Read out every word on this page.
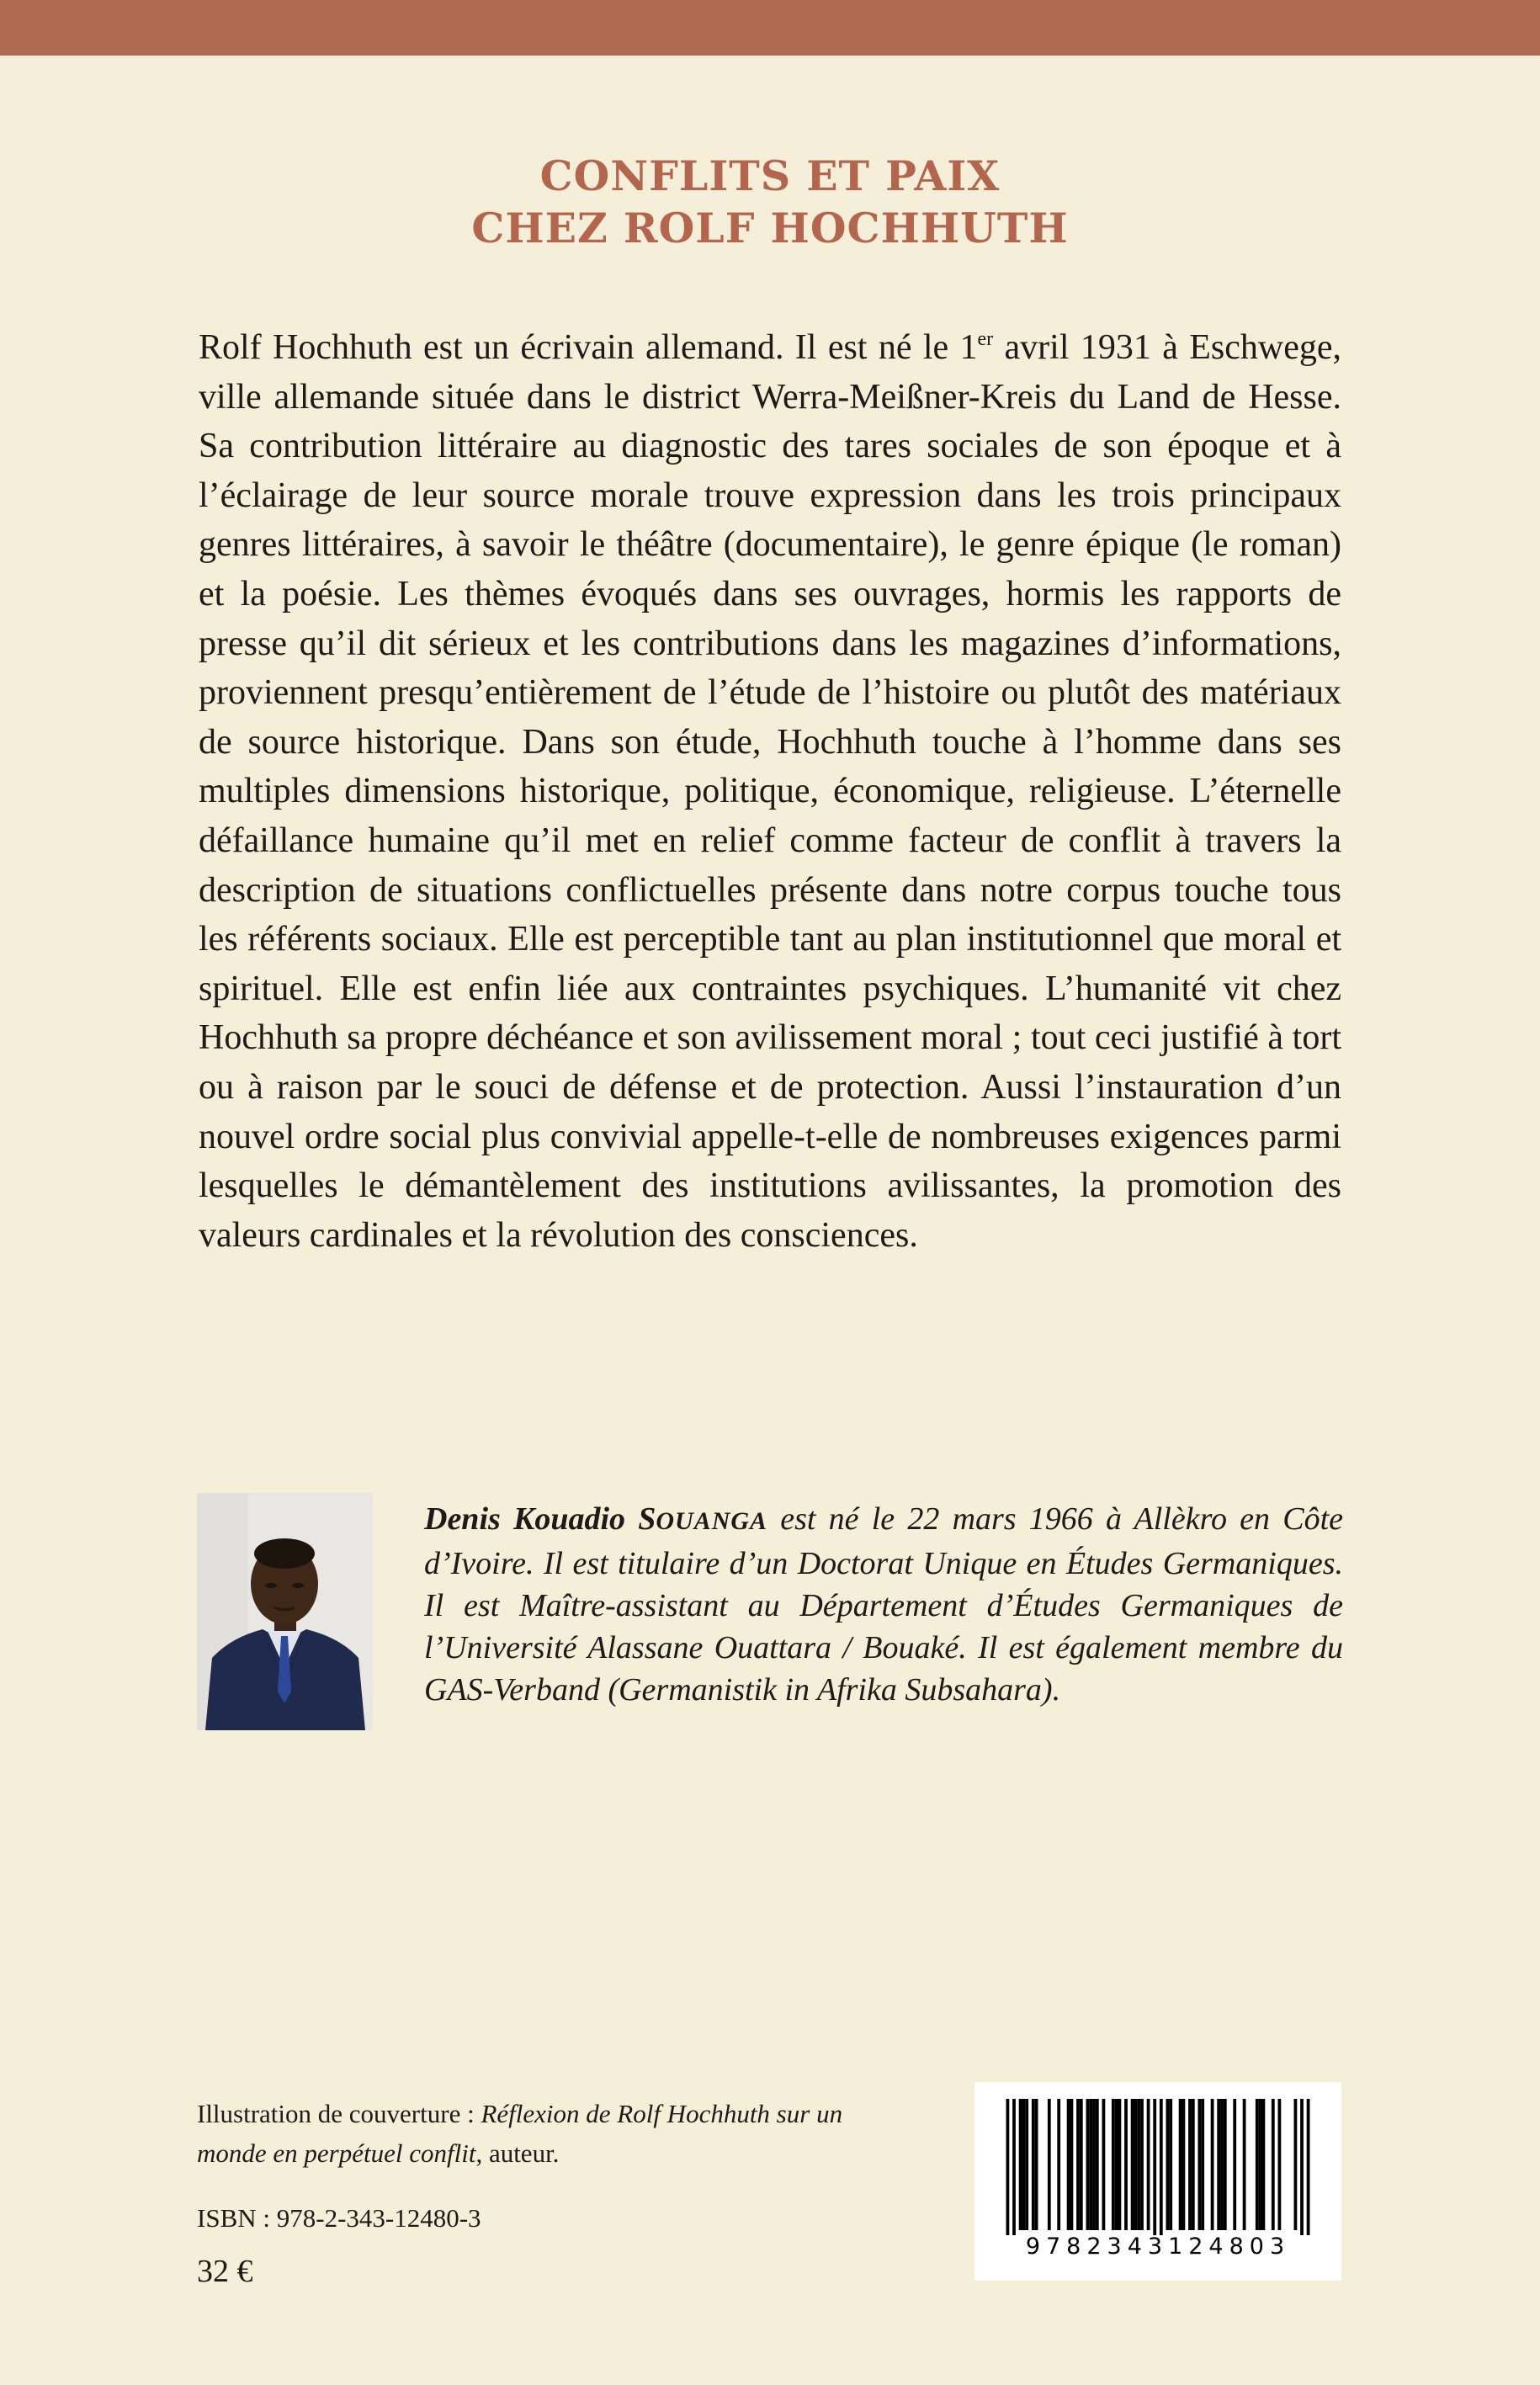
CONFLITS ET PAIX
CHEZ ROLF HOCHHUTH

Rolf Hochhuth est un écrivain allemand. Il est né le 1er avril 1931 à Eschwege, ville allemande située dans le district Werra-Meißner-Kreis du Land de Hesse. Sa contribution littéraire au diagnostic des tares sociales de son époque et à l’éclairage de leur source morale trouve expression dans les trois principaux genres littéraires, à savoir le théâtre (documentaire), le genre épique (le roman) et la poésie. Les thèmes évoqués dans ses ouvrages, hormis les rapports de presse qu’il dit sérieux et les contributions dans les magazines d’informations, proviennent presqu’entièrement de l’étude de l’histoire ou plutôt des matériaux de source historique. Dans son étude, Hochhuth touche à l’homme dans ses multiples dimensions historique, politique, économique, religieuse. L’éternelle défaillance humaine qu’il met en relief comme facteur de conflit à travers la description de situations conflictuelles présente dans notre corpus touche tous les référents sociaux. Elle est perceptible tant au plan institutionnel que moral et spirituel. Elle est enfin liée aux contraintes psychiques. L’humanité vit chez Hochhuth sa propre déchéance et son avilissement moral ; tout ceci justifié à tort ou à raison par le souci de défense et de protection. Aussi l’instauration d’un nouvel ordre social plus convivial appelle-t-elle de nombreuses exigences parmi lesquelles le démantèlement des institutions avilissantes, la promotion des valeurs cardinales et la révolution des consciences.

Denis Kouadio SOUANGA est né le 22 mars 1966 à Allèkro en Côte d’Ivoire. Il est titulaire d’un Doctorat Unique en Études Germaniques. Il est Maître-assistant au Département d’Études Germaniques de l’Université Alassane Ouattara / Bouaké. Il est également membre du GAS-Verband (Germanistik in Afrika Subsahara).

Illustration de couverture : Réflexion de Rolf Hochhuth sur un monde en perpétuel conflit, auteur.

ISBN : 978-2-343-12480-3
32 €
9782343124803
